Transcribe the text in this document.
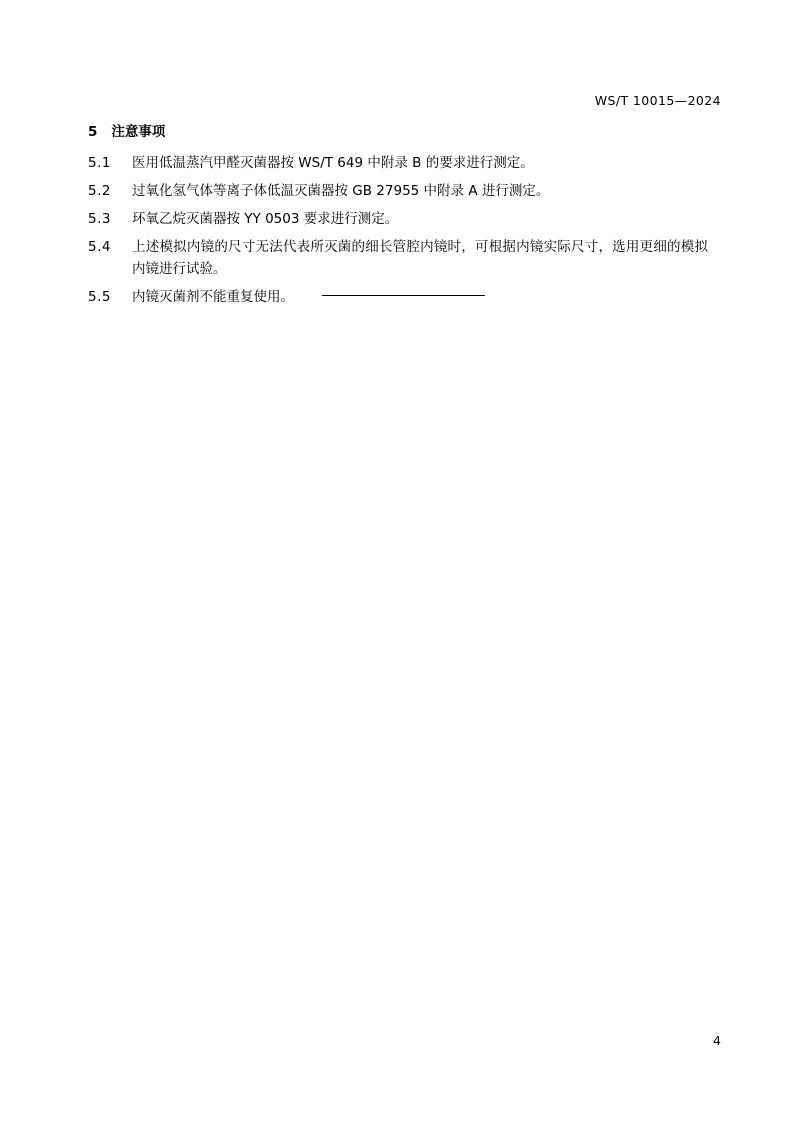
WS/T 10015—2024
5 注意事项
5.1	医用低温蒸汽甲醛灭菌器按 WS/T 649 中附录 B 的要求进行测定。
5.2	过氧化氢气体等离子体低温灭菌器按 GB 27955 中附录 A 进行测定。
5.3	环氧乙烷灭菌器按 YY 0503 要求进行测定。
5.4	上述模拟内镜的尺寸无法代表所灭菌的细长管腔内镜时，可根据内镜实际尺寸，选用更细的模拟内镜进行试验。
5.5	内镜灭菌剂不能重复使用。
4
